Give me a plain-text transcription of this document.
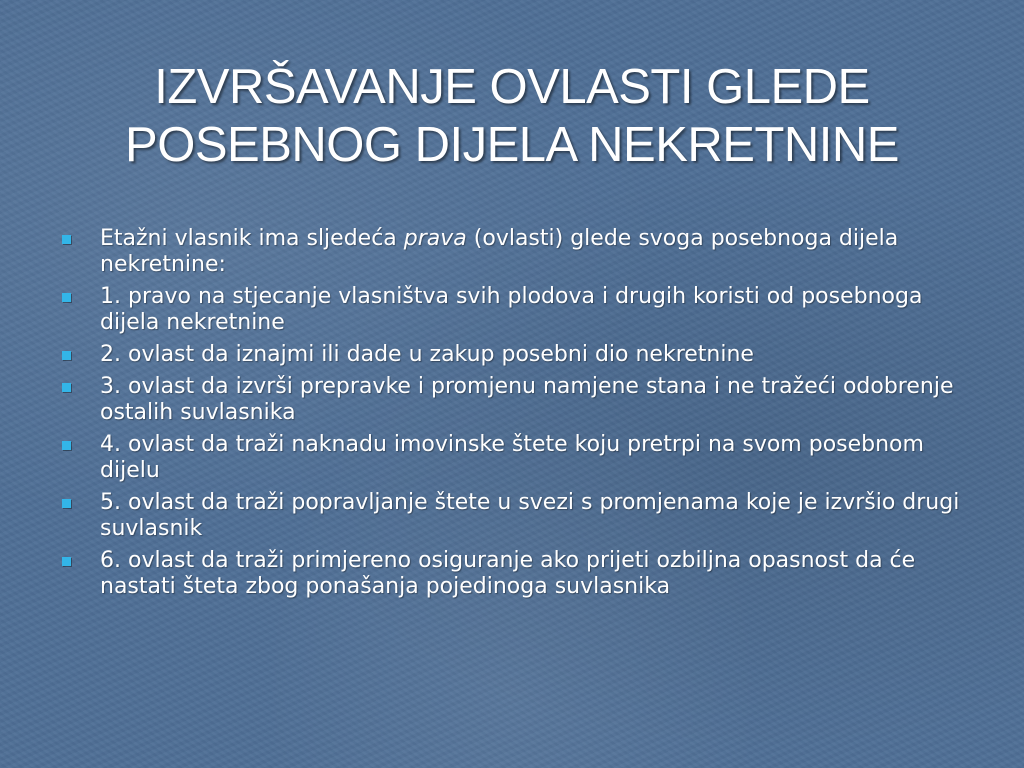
IZVRŠAVANJE OVLASTI GLEDE
POSEBNOG DIJELA NEKRETNINE
Etažni vlasnik ima sljedeća prava (ovlasti) glede svoga posebnoga dijela nekretnine:
1. pravo na stjecanje vlasništva svih plodova i drugih koristi od posebnoga dijela nekretnine
2. ovlast da iznajmi ili dade u zakup posebni dio nekretnine
3. ovlast da izvrši prepravke i promjenu namjene stana i ne tražeći odobrenje ostalih suvlasnika
4. ovlast da traži naknadu imovinske štete koju pretrpi na svom posebnom dijelu
5. ovlast da traži popravljanje štete u svezi s promjenama koje je izvršio drugi suvlasnik
6. ovlast da traži primjereno osiguranje ako prijeti ozbiljna opasnost da će nastati šteta zbog ponašanja pojedinoga suvlasnika
